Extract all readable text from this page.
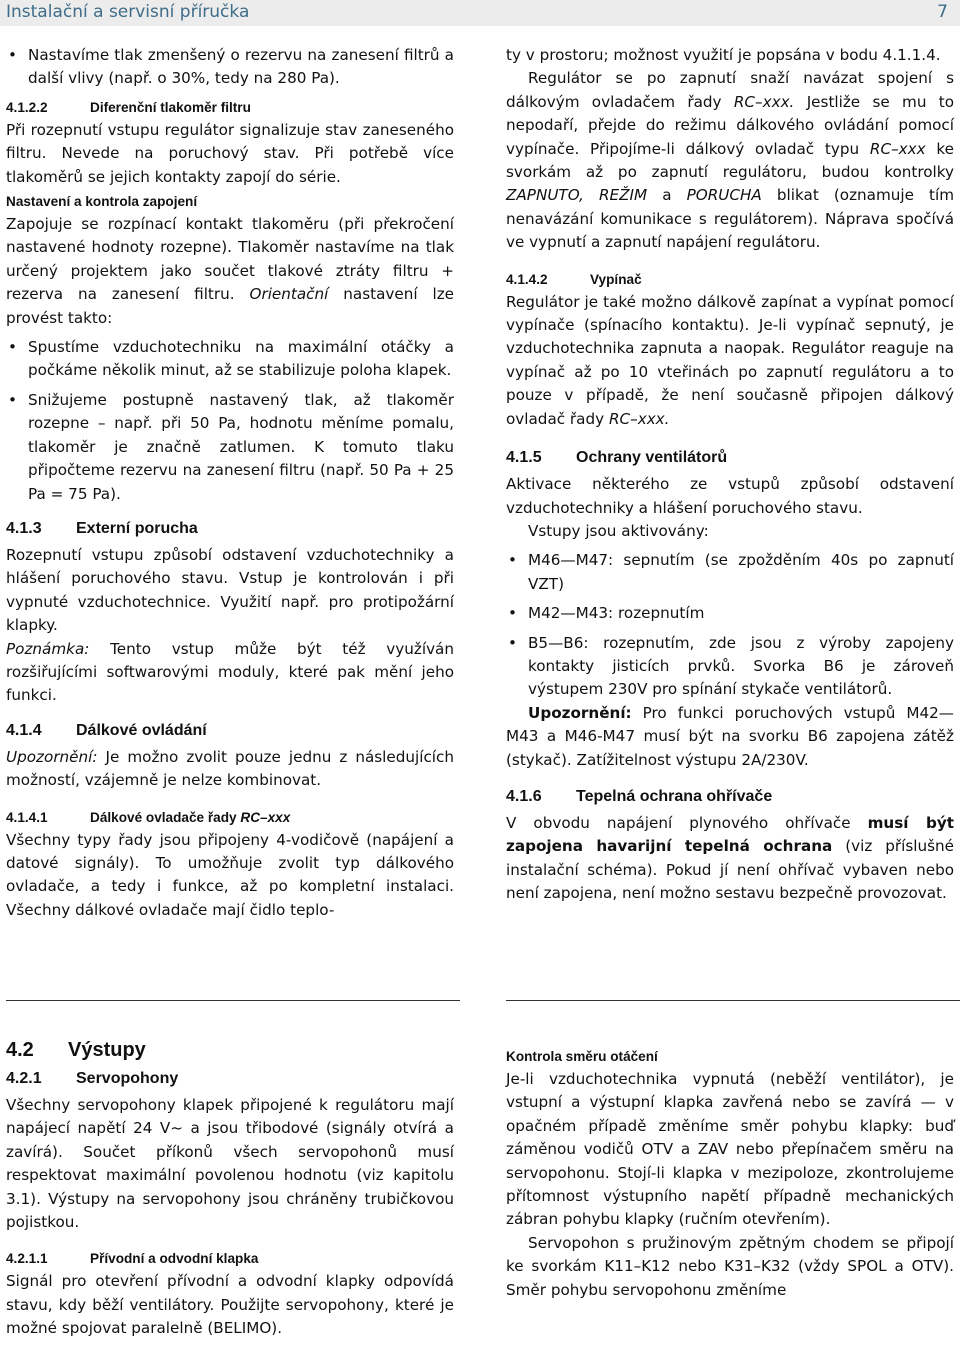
Instalační a servisní příručka	7

• Nastavíme tlak zmenšený o rezervu na zanesení filtrů a další vlivy (např. o 30%, tedy na 280 Pa).

4.1.2.2	Diferenční tlakoměr filtru

Při rozepnutí vstupu regulátor signalizuje stav zaneseného filtru. Nevede na poruchový stav. Při potřebě více tlakoměrů se jejich kontakty zapojí do série.

Nastavení a kontrola zapojení

Zapojuje se rozpínací kontakt tlakoměru (při překročení nastavené hodnoty rozepne). Tlakoměr nastavíme na tlak určený projektem jako součet tlakové ztráty filtru + rezerva na zanesení filtru. Orientační nastavení lze provést takto:

• Spustíme vzduchotechniku na maximální otáčky a počkáme několik minut, až se stabilizuje poloha klapek.

• Snižujeme postupně nastavený tlak, až tlakoměr rozepne – např. při 50 Pa, hodnotu měníme pomalu, tlakoměr je značně zatlumen. K tomuto tlaku připočteme rezervu na zanesení filtru (např. 50 Pa + 25 Pa = 75 Pa).

4.1.3 Externí porucha

Rozepnutí vstupu způsobí odstavení vzduchotechniky a hlášení poruchového stavu. Vstup je kontrolován i při vypnuté vzduchotechnice. Využití např. pro protipožární klapky.

Poznámka: Tento vstup může být též využíván rozšiřujícími softwarovými moduly, které pak mění jeho funkci.

4.1.4 Dálkové ovládání

Upozornění: Je možno zvolit pouze jednu z následujících možností, vzájemně je nelze kombinovat.

4.1.4.1	Dálkové ovladače řady RC–xxx

Všechny typy řady jsou připojeny 4-vodičově (napájení a datové signály). To umožňuje zvolit typ dálkového ovladače, a tedy i funkce, až po kompletní instalaci. Všechny dálkové ovladače mají čidlo teplo-

ty v prostoru; možnost využití je popsána v bodu 4.1.1.4.

Regulátor se po zapnutí snaží navázat spojení s dálkovým ovladačem řady RC–xxx. Jestliže se mu to nepodaří, přejde do režimu dálkového ovládání pomocí vypínače. Připojíme-li dálkový ovladač typu RC–xxx ke svorkám až po zapnutí regulátoru, budou kontrolky ZAPNUTO, REŽIM a PORUCHA blikat (oznamuje tím nenavázání komunikace s regulátorem). Náprava spočívá ve vypnutí a zapnutí napájení regulátoru.

4.1.4.2	Vypínač

Regulátor je také možno dálkově zapínat a vypínat pomocí vypínače (spínacího kontaktu). Je-li vypínač sepnutý, je vzduchotechnika zapnuta a naopak. Regulátor reaguje na vypínač až po 10 vteřinách po zapnutí regulátoru a to pouze v případě, že není současně připojen dálkový ovladač řady RC–xxx.

4.1.5 Ochrany ventilátorů

Aktivace některého ze vstupů způsobí odstavení vzduchotechniky a hlášení poruchového stavu.

Vstupy jsou aktivovány:

• M46—M47: sepnutím (se zpožděním 40s po zapnutí VZT)

• M42—M43: rozepnutím

• B5—B6: rozepnutím, zde jsou z výroby zapojeny kontakty jisticích prvků. Svorka B6 je zároveň výstupem 230V pro spínání stykače ventilátorů.

Upozornění: Pro funkci poruchových vstupů M42—M43 a M46-M47 musí být na svorku B6 zapojena zátěž (stykač). Zatížitelnost výstupu 2A/230V.

4.1.6 Tepelná ochrana ohřívače

V obvodu napájení plynového ohřívače musí být zapojena havarijní tepelná ochrana (viz příslušné instalační schéma). Pokud jí není ohřívač vybaven nebo není zapojena, není možno sestavu bezpečně provozovat.

4.2 Výstupy
4.2.1 Servopohony

Všechny servopohony klapek připojené k regulátoru mají napájecí napětí 24 V~ a jsou třibodové (signály otvírá a zavírá). Součet příkonů všech servopohonů musí respektovat maximální povolenou hodnotu (viz kapitolu 3.1). Výstupy na servopohony jsou chráněny trubičkovou pojistkou.

4.2.1.1	Přívodní a odvodní klapka

Signál pro otevření přívodní a odvodní klapky odpovídá stavu, kdy běží ventilátory. Použijte servopohony, které je možné spojovat paralelně (BELIMO).

Kontrola směru otáčení

Je-li vzduchotechnika vypnutá (neběží ventilátor), je vstupní a výstupní klapka zavřená nebo se zavírá — v opačném případě změníme směr pohybu klapky: buď záměnou vodičů OTV a ZAV nebo přepínačem směru na servopohonu. Stojí-li klapka v mezipoloze, zkontrolujeme přítomnost výstupního napětí případně mechanických zábran pohybu klapky (ručním otevřením).

Servopohon s pružinovým zpětným chodem se připojí ke svorkám K11–K12 nebo K31–K32 (vždy SPOL a OTV). Směr pohybu servopohonu změníme
